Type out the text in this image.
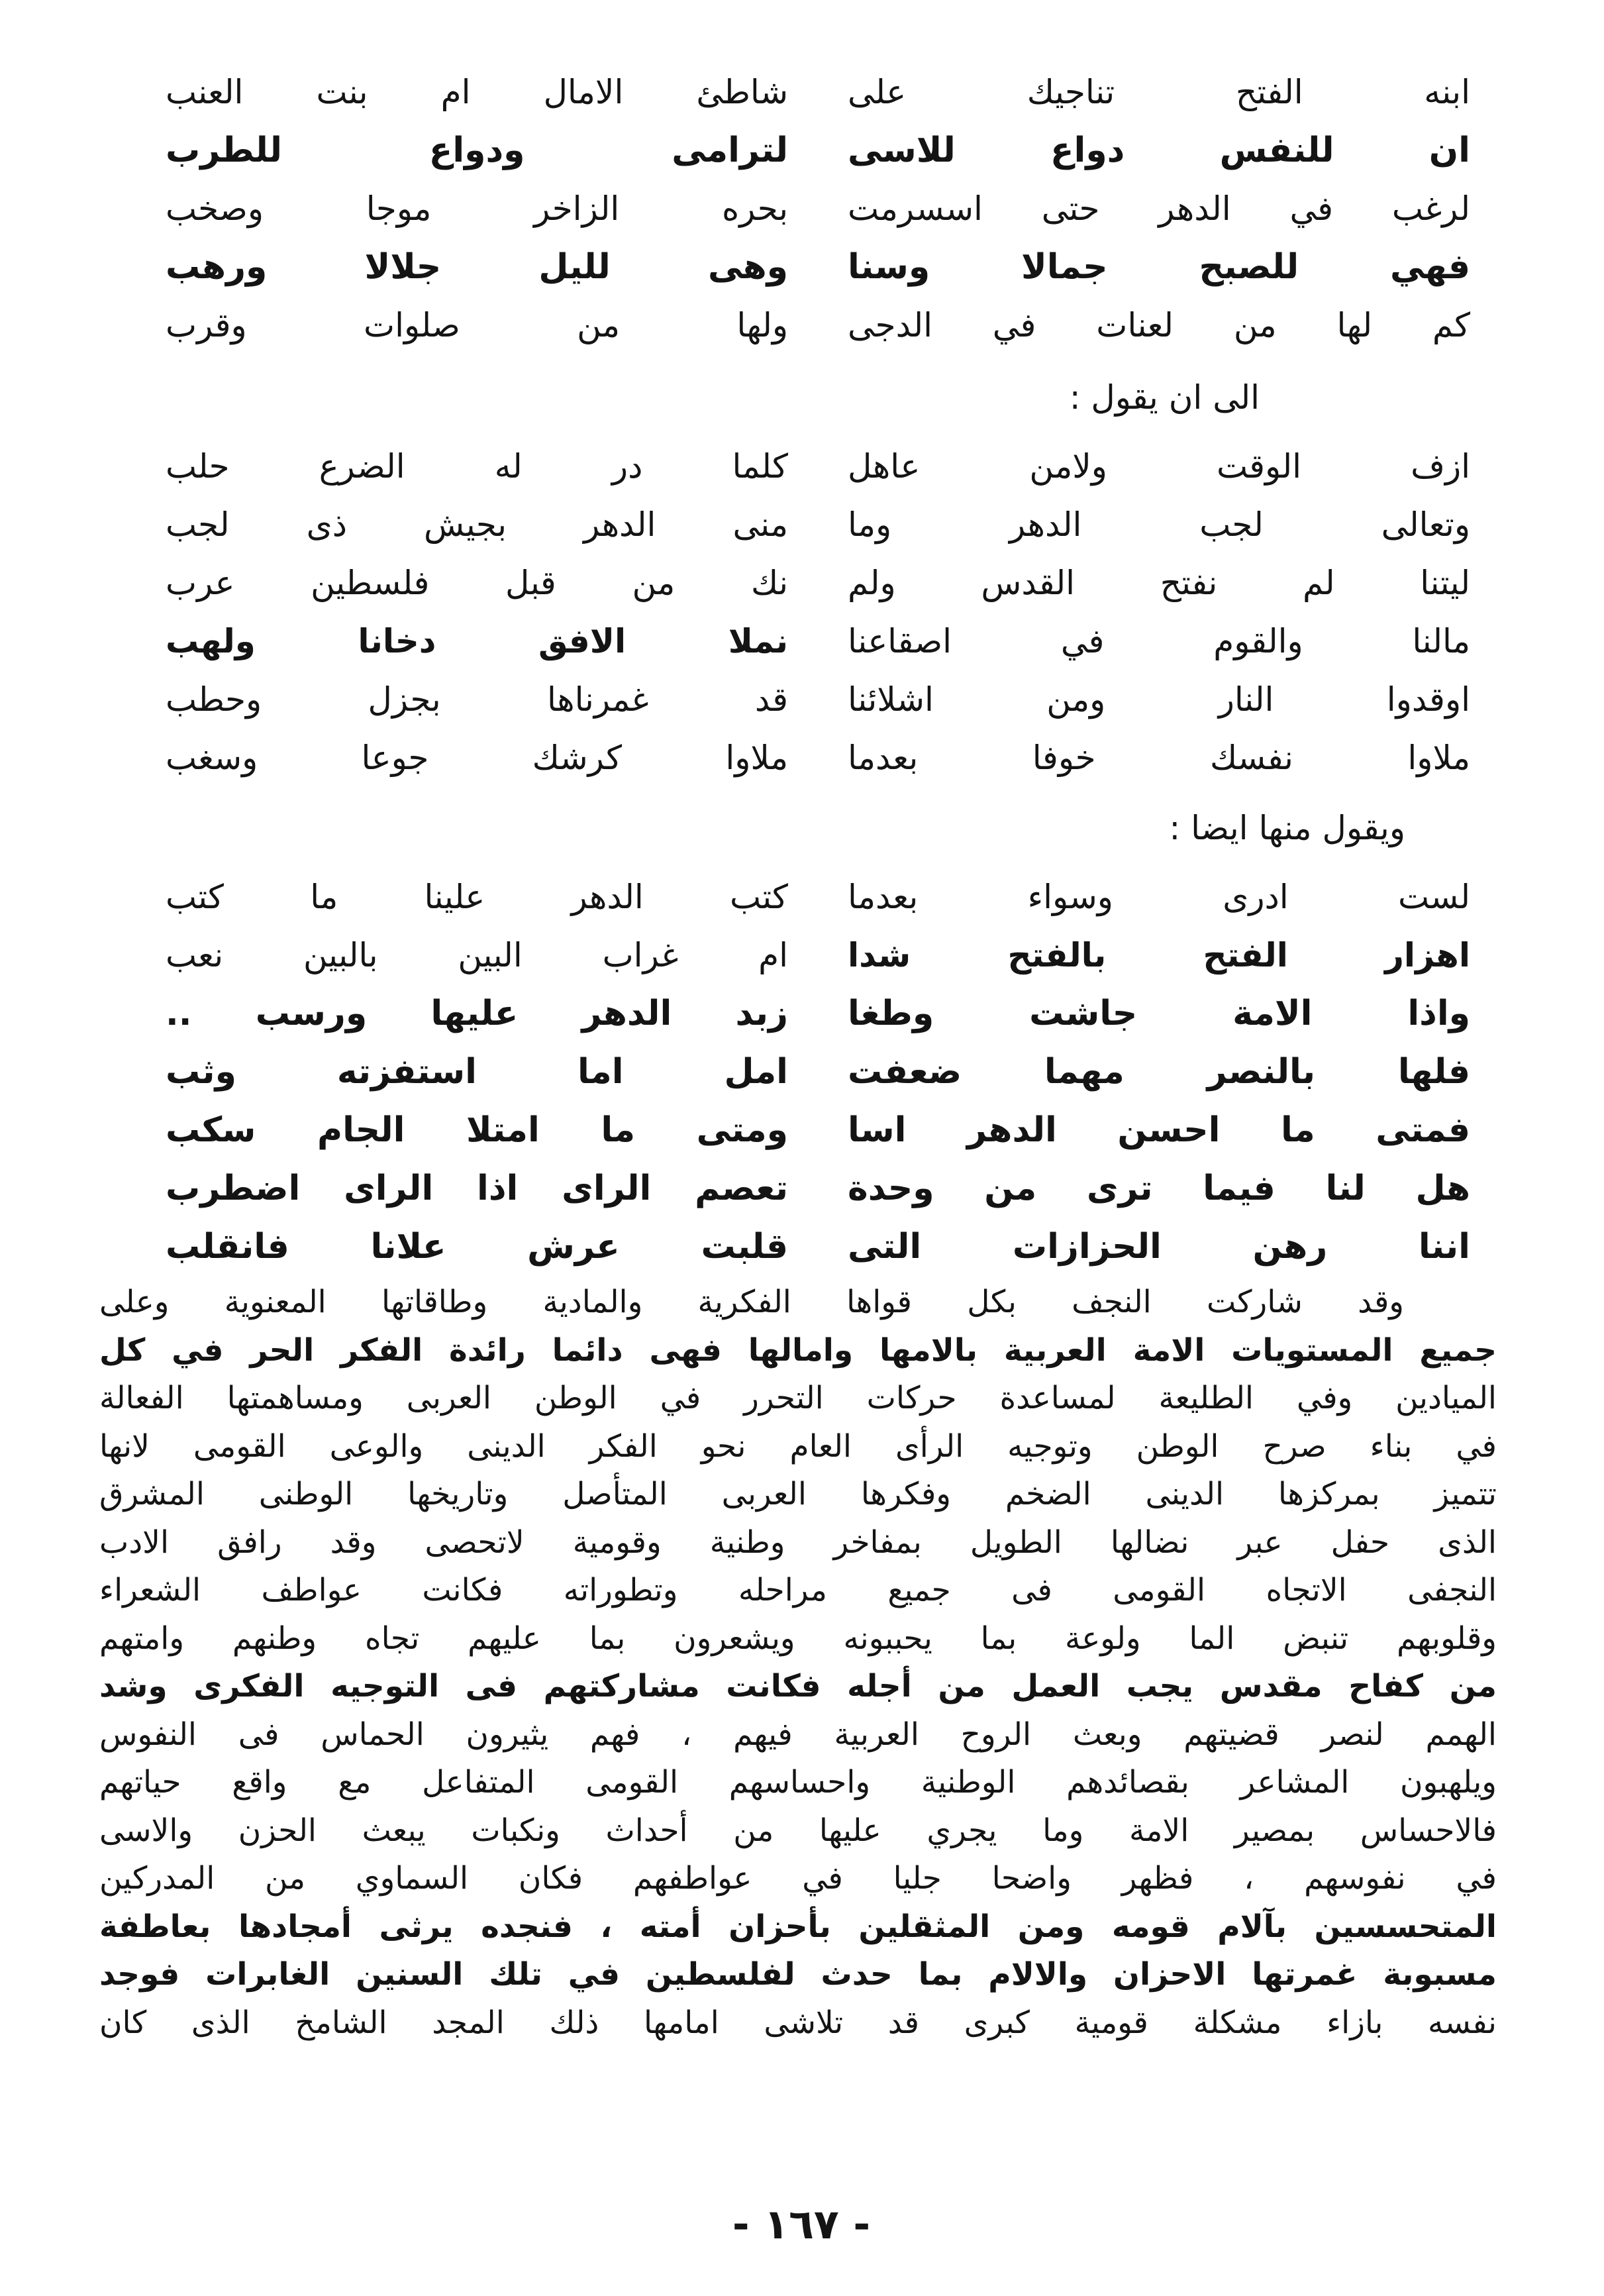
ابنه الفتح تناجيك على
شاطئ الامال ام بنت العنب
ان للنفس دواع للاسى
لترامى ودواع للطرب
لرغب في الدهر حتى اسسرمت
بحره الزاخر موجا وصخب
فهي للصبح جمالا وسنا
وهى لليل جلالا ورهب
كم لها من لعنات في الدجى
ولها من صلوات وقرب
الى ان يقول :
ازف الوقت ولامن عاهل
كلما در له الضرع حلب
وتعالى لجب الدهر وما
منى الدهر بجيش ذى لجب
ليتنا لم نفتح القدس ولم
نك من قبل فلسطين عرب
مالنا والقوم في اصقاعنا
نملا الافق دخانا ولهب
اوقدوا النار ومن اشلائنا
قد غمرناها بجزل وحطب
ملاوا نفسك خوفا بعدما
ملاوا كرشك جوعا وسغب
ويقول منها ايضا :
لست ادرى وسواء بعدما
كتب الدهر علينا ما كتب
اهزار الفتح بالفتح شدا
ام غراب البين بالبين نعب
واذا الامة جاشت وطغا
زبد الدهر عليها ورسب ..
فلها بالنصر مهما ضعفت
امل اما استفزته وثب
فمتى ما احسن الدهر اسا
ومتى ما امتلا الجام سكب
هل لنا فيما ترى من وحدة
تعصم الراى اذا الراى اضطرب
اننا رهن الحزازات التى
قلبت عرش علانا فانقلب
وقد شاركت النجف بكل قواها الفكرية والمادية وطاقاتها المعنوية وعلى
جميع المستويات الامة العربية بالامها وامالها فهى دائما رائدة الفكر الحر في كل
الميادين وفي الطليعة لمساعدة حركات التحرر في الوطن العربى ومساهمتها الفعالة
في بناء صرح الوطن وتوجيه الرأى العام نحو الفكر الدينى والوعى القومى لانها
تتميز بمركزها الدينى الضخم وفكرها العربى المتأصل وتاريخها الوطنى المشرق
الذى حفل عبر نضالها الطويل بمفاخر وطنية وقومية لاتحصى وقد رافق الادب
النجفى الاتجاه القومى فى جميع مراحله وتطوراته فكانت عواطف الشعراء
وقلوبهم تنبض الما ولوعة بما يحببونه ويشعرون بما عليهم تجاه وطنهم وامتهم
من كفاح مقدس يجب العمل من أجله فكانت مشاركتهم فى التوجيه الفكرى وشد
الهمم لنصر قضيتهم وبعث الروح العربية فيهم ، فهم يثيرون الحماس فى النفوس
ويلهبون المشاعر بقصائدهم الوطنية واحساسهم القومى المتفاعل مع واقع حياتهم
فالاحساس بمصير الامة وما يجري عليها من أحداث ونكبات يبعث الحزن والاسى
في نفوسهم ، فظهر واضحا جليا في عواطفهم فكان السماوي من المدركين
المتحسسين بآلام قومه ومن المثقلين بأحزان أمته ، فنجده يرثى أمجادها بعاطفة
مسبوبة غمرتها الاحزان والالام بما حدث لفلسطين في تلك السنين الغابرات فوجد
نفسه بازاء مشكلة قومية كبرى قد تلاشى امامها ذلك المجد الشامخ الذى كان
- ١٦٧ -
